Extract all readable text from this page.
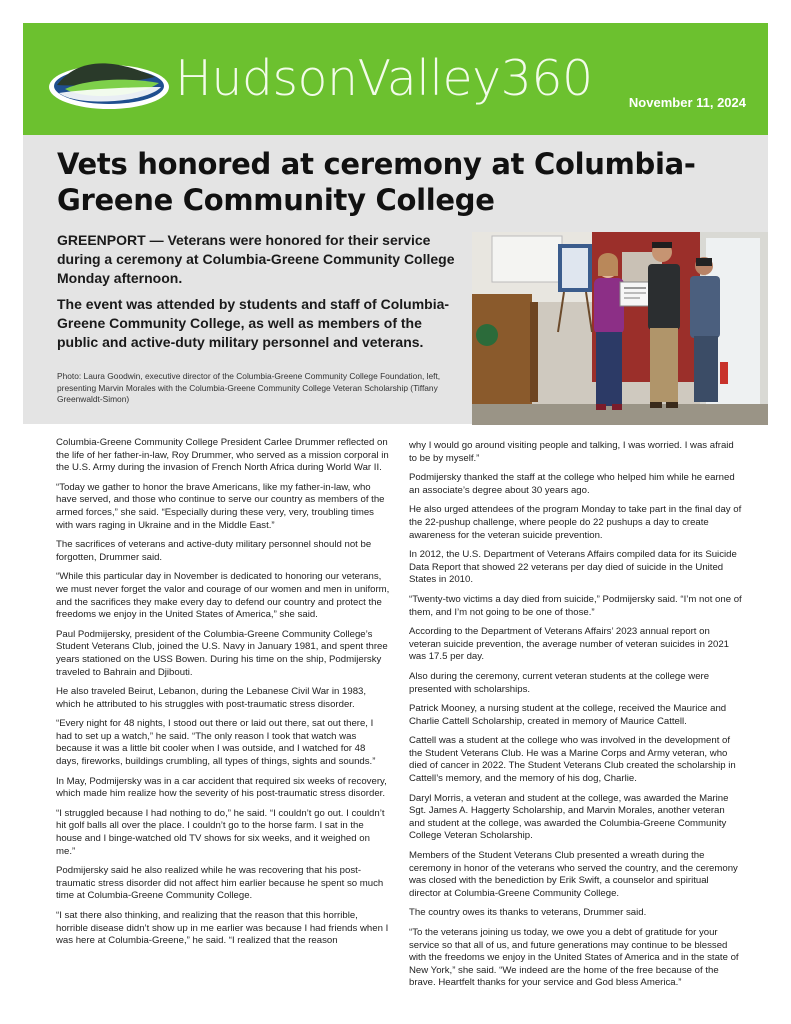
HudsonValley360	November 11, 2024
Vets honored at ceremony at Columbia-Greene Community College

GREENPORT — Veterans were honored for their service during a ceremony at Columbia-Greene Community College Monday afternoon.

The event was attended by students and staff of Columbia-Greene Community College, as well as members of the public and active-duty military personnel and veterans.

Photo: Laura Goodwin, executive director of the Columbia-Greene Community College Foundation, left, presenting Marvin Morales with the Columbia-Greene Community College Veteran Scholarship (Tiffany Greenwaldt-Simon)

Columbia-Greene Community College President Carlee Drummer reflected on the life of her father-in-law, Roy Drummer, who served as a mission corporal in the U.S. Army during the invasion of French North Africa during World War II.

“Today we gather to honor the brave Americans, like my father-in-law, who have served, and those who continue to serve our country as members of the armed forces,” she said. “Especially during these very, very, troubling times with wars raging in Ukraine and in the Middle East.”

The sacrifices of veterans and active-duty military personnel should not be forgotten, Drummer said.

“While this particular day in November is dedicated to honoring our veterans, we must never forget the valor and courage of our women and men in uniform, and the sacrifices they make every day to defend our country and protect the freedoms we enjoy in the United States of America,” she said.

Paul Podmijersky, president of the Columbia-Greene Community College’s Student Veterans Club, joined the U.S. Navy in January 1981, and spent three years stationed on the USS Bowen. During his time on the ship, Podmijersky traveled to Bahrain and Djibouti.

He also traveled Beirut, Lebanon, during the Lebanese Civil War in 1983, which he attributed to his struggles with post-traumatic stress disorder.

“Every night for 48 nights, I stood out there or laid out there, sat out there, I had to set up a watch,” he said. “The only reason I took that watch was because it was a little bit cooler when I was outside, and I watched for 48 days, fireworks, buildings crumbling, all types of things, sights and sounds.”

In May, Podmijersky was in a car accident that required six weeks of recovery, which made him realize how the severity of his post-traumatic stress disorder.

“I struggled because I had nothing to do,” he said. “I couldn’t go out. I couldn’t hit golf balls all over the place. I couldn’t go to the horse farm. I sat in the house and I binge-watched old TV shows for six weeks, and it weighed on me.”

Podmijersky said he also realized while he was recovering that his post-traumatic stress disorder did not affect him earlier because he spent so much time at Columbia-Greene Community College.

“I sat there also thinking, and realizing that the reason that this horrible, horrible disease didn’t show up in me earlier was because I had friends when I was here at Columbia-Greene,” he said. “I realized that the reason

why I would go around visiting people and talking, I was worried. I was afraid to be by myself.”

Podmijersky thanked the staff at the college who helped him while he earned an associate’s degree about 30 years ago.

He also urged attendees of the program Monday to take part in the final day of the 22-pushup challenge, where people do 22 pushups a day to create awareness for the veteran suicide prevention.

In 2012, the U.S. Department of Veterans Affairs compiled data for its Suicide Data Report that showed 22 veterans per day died of suicide in the United States in 2010.

“Twenty-two victims a day died from suicide,” Podmijersky said. “I’m not one of them, and I’m not going to be one of those.”

According to the Department of Veterans Affairs’ 2023 annual report on veteran suicide prevention, the average number of veteran suicides in 2021 was 17.5 per day.

Also during the ceremony, current veteran students at the college were presented with scholarships.

Patrick Mooney, a nursing student at the college, received the Maurice and Charlie Cattell Scholarship, created in memory of Maurice Cattell.

Cattell was a student at the college who was involved in the development of the Student Veterans Club. He was a Marine Corps and Army veteran, who died of cancer in 2022. The Student Veterans Club created the scholarship in Cattell’s memory, and the memory of his dog, Charlie.

Daryl Morris, a veteran and student at the college, was awarded the Marine Sgt. James A. Haggerty Scholarship, and Marvin Morales, another veteran and student at the college, was awarded the Columbia-Greene Community College Veteran Scholarship.

Members of the Student Veterans Club presented a wreath during the ceremony in honor of the veterans who served the country, and the ceremony was closed with the benediction by Erik Swift, a counselor and spiritual director at Columbia-Greene Community College.

The country owes its thanks to veterans, Drummer said.

“To the veterans joining us today, we owe you a debt of gratitude for your service so that all of us, and future generations may continue to be blessed with the freedoms we enjoy in the United States of America and in the state of New York,” she said. “We indeed are the home of the free because of the brave. Heartfelt thanks for your service and God bless America.”
